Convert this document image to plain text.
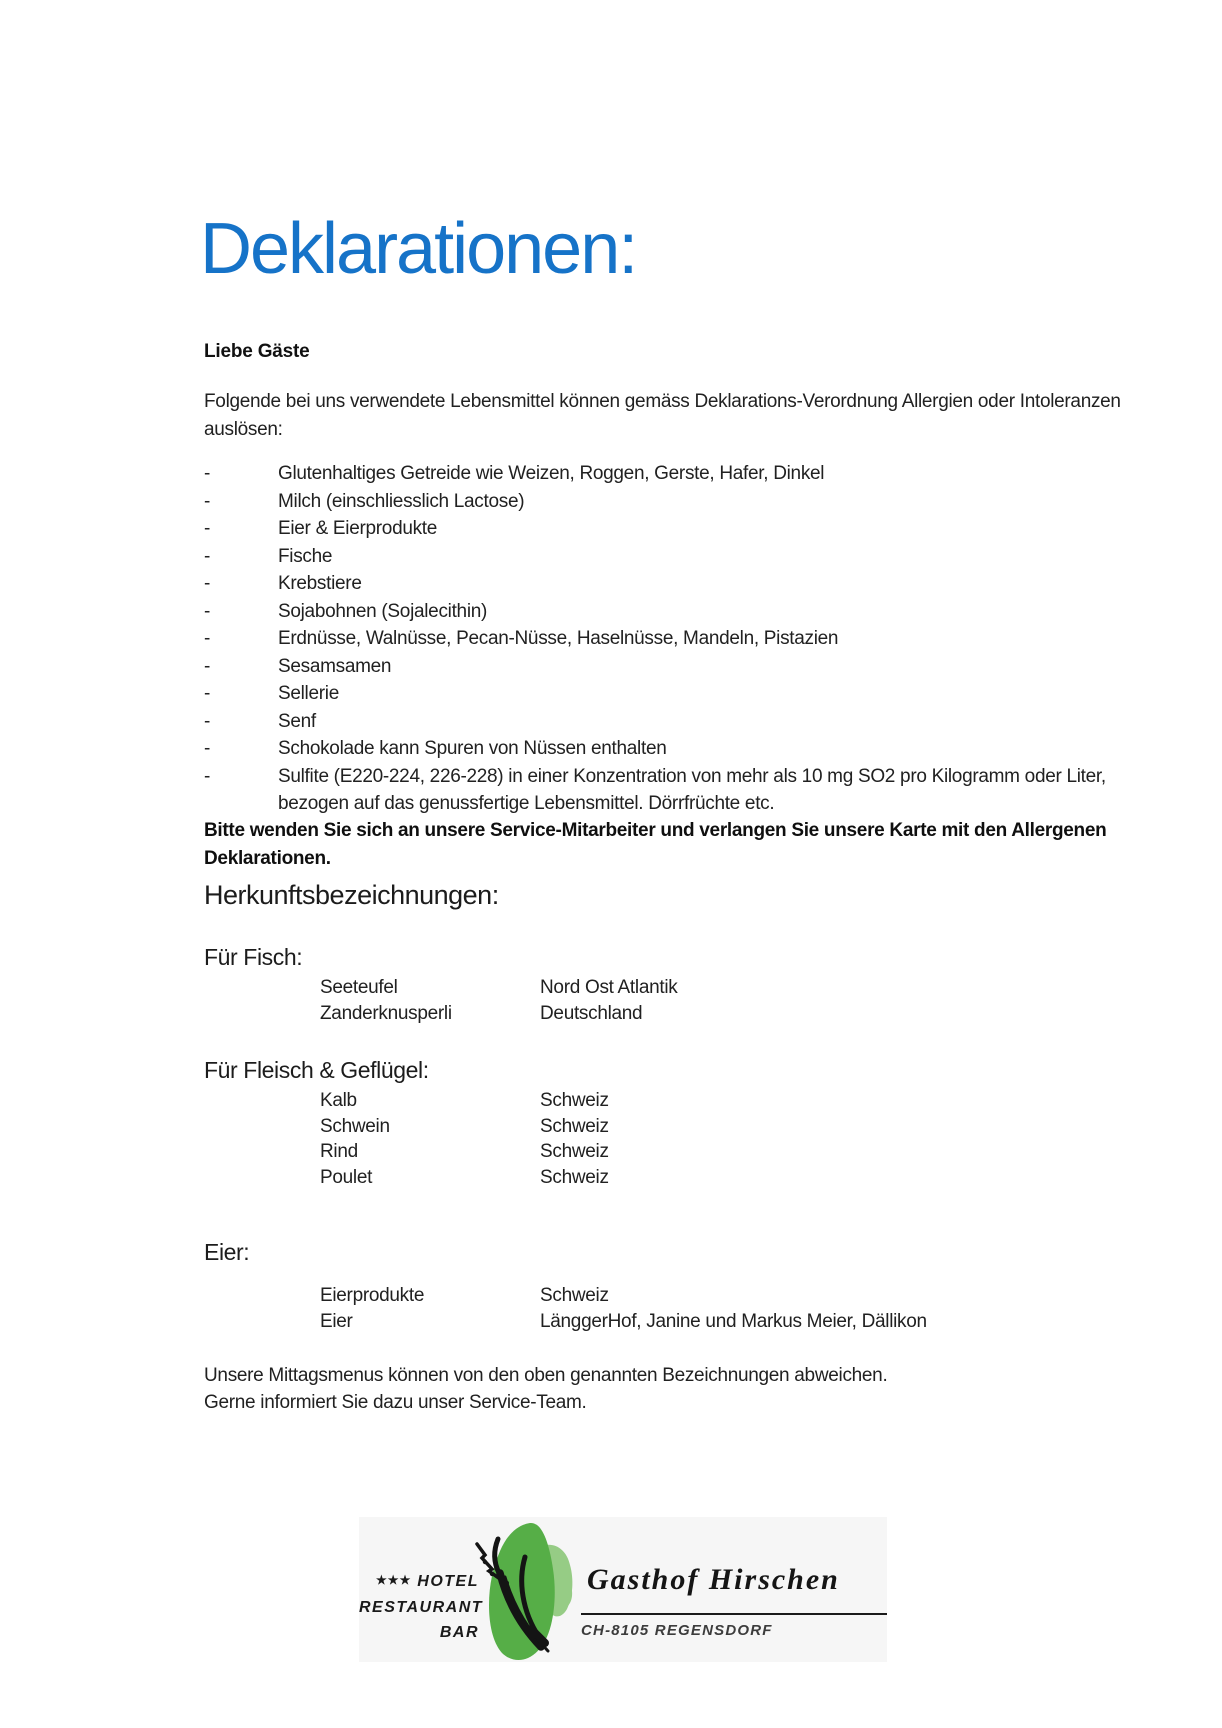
Deklarationen:
Liebe Gäste
Folgende bei uns verwendete Lebensmittel können gemäss Deklarations-Verordnung Allergien oder Intoleranzen
auslösen:
-	Glutenhaltiges Getreide wie Weizen, Roggen, Gerste, Hafer, Dinkel
-	Milch (einschliesslich Lactose)
-	Eier & Eierprodukte
-	Fische
-	Krebstiere
-	Sojabohnen (Sojalecithin)
-	Erdnüsse, Walnüsse, Pecan-Nüsse, Haselnüsse, Mandeln, Pistazien
-	Sesamsamen
-	Sellerie
-	Senf
-	Schokolade kann Spuren von Nüssen enthalten
-	Sulfite (E220-224, 226-228) in einer Konzentration von mehr als 10 mg SO2 pro Kilogramm oder Liter,
bezogen auf das genussfertige Lebensmittel. Dörrfrüchte etc.
Bitte wenden Sie sich an unsere Service-Mitarbeiter und verlangen Sie unsere Karte mit den Allergenen
Deklarationen.
Herkunftsbezeichnungen:
Für Fisch:
Seeteufel	Nord Ost Atlantik
Zanderknusperli	Deutschland
Für Fleisch & Geflügel:
Kalb	Schweiz
Schwein	Schweiz
Rind	Schweiz
Poulet	Schweiz
Eier:
Eierprodukte	Schweiz
Eier	LänggerHof, Janine und Markus Meier, Dällikon
Unsere Mittagsmenus können von den oben genannten Bezeichnungen abweichen.
Gerne informiert Sie dazu unser Service-Team.
★★★ HOTEL
RESTAURANT
BAR
Gasthof Hirschen
CH-8105 REGENSDORF
